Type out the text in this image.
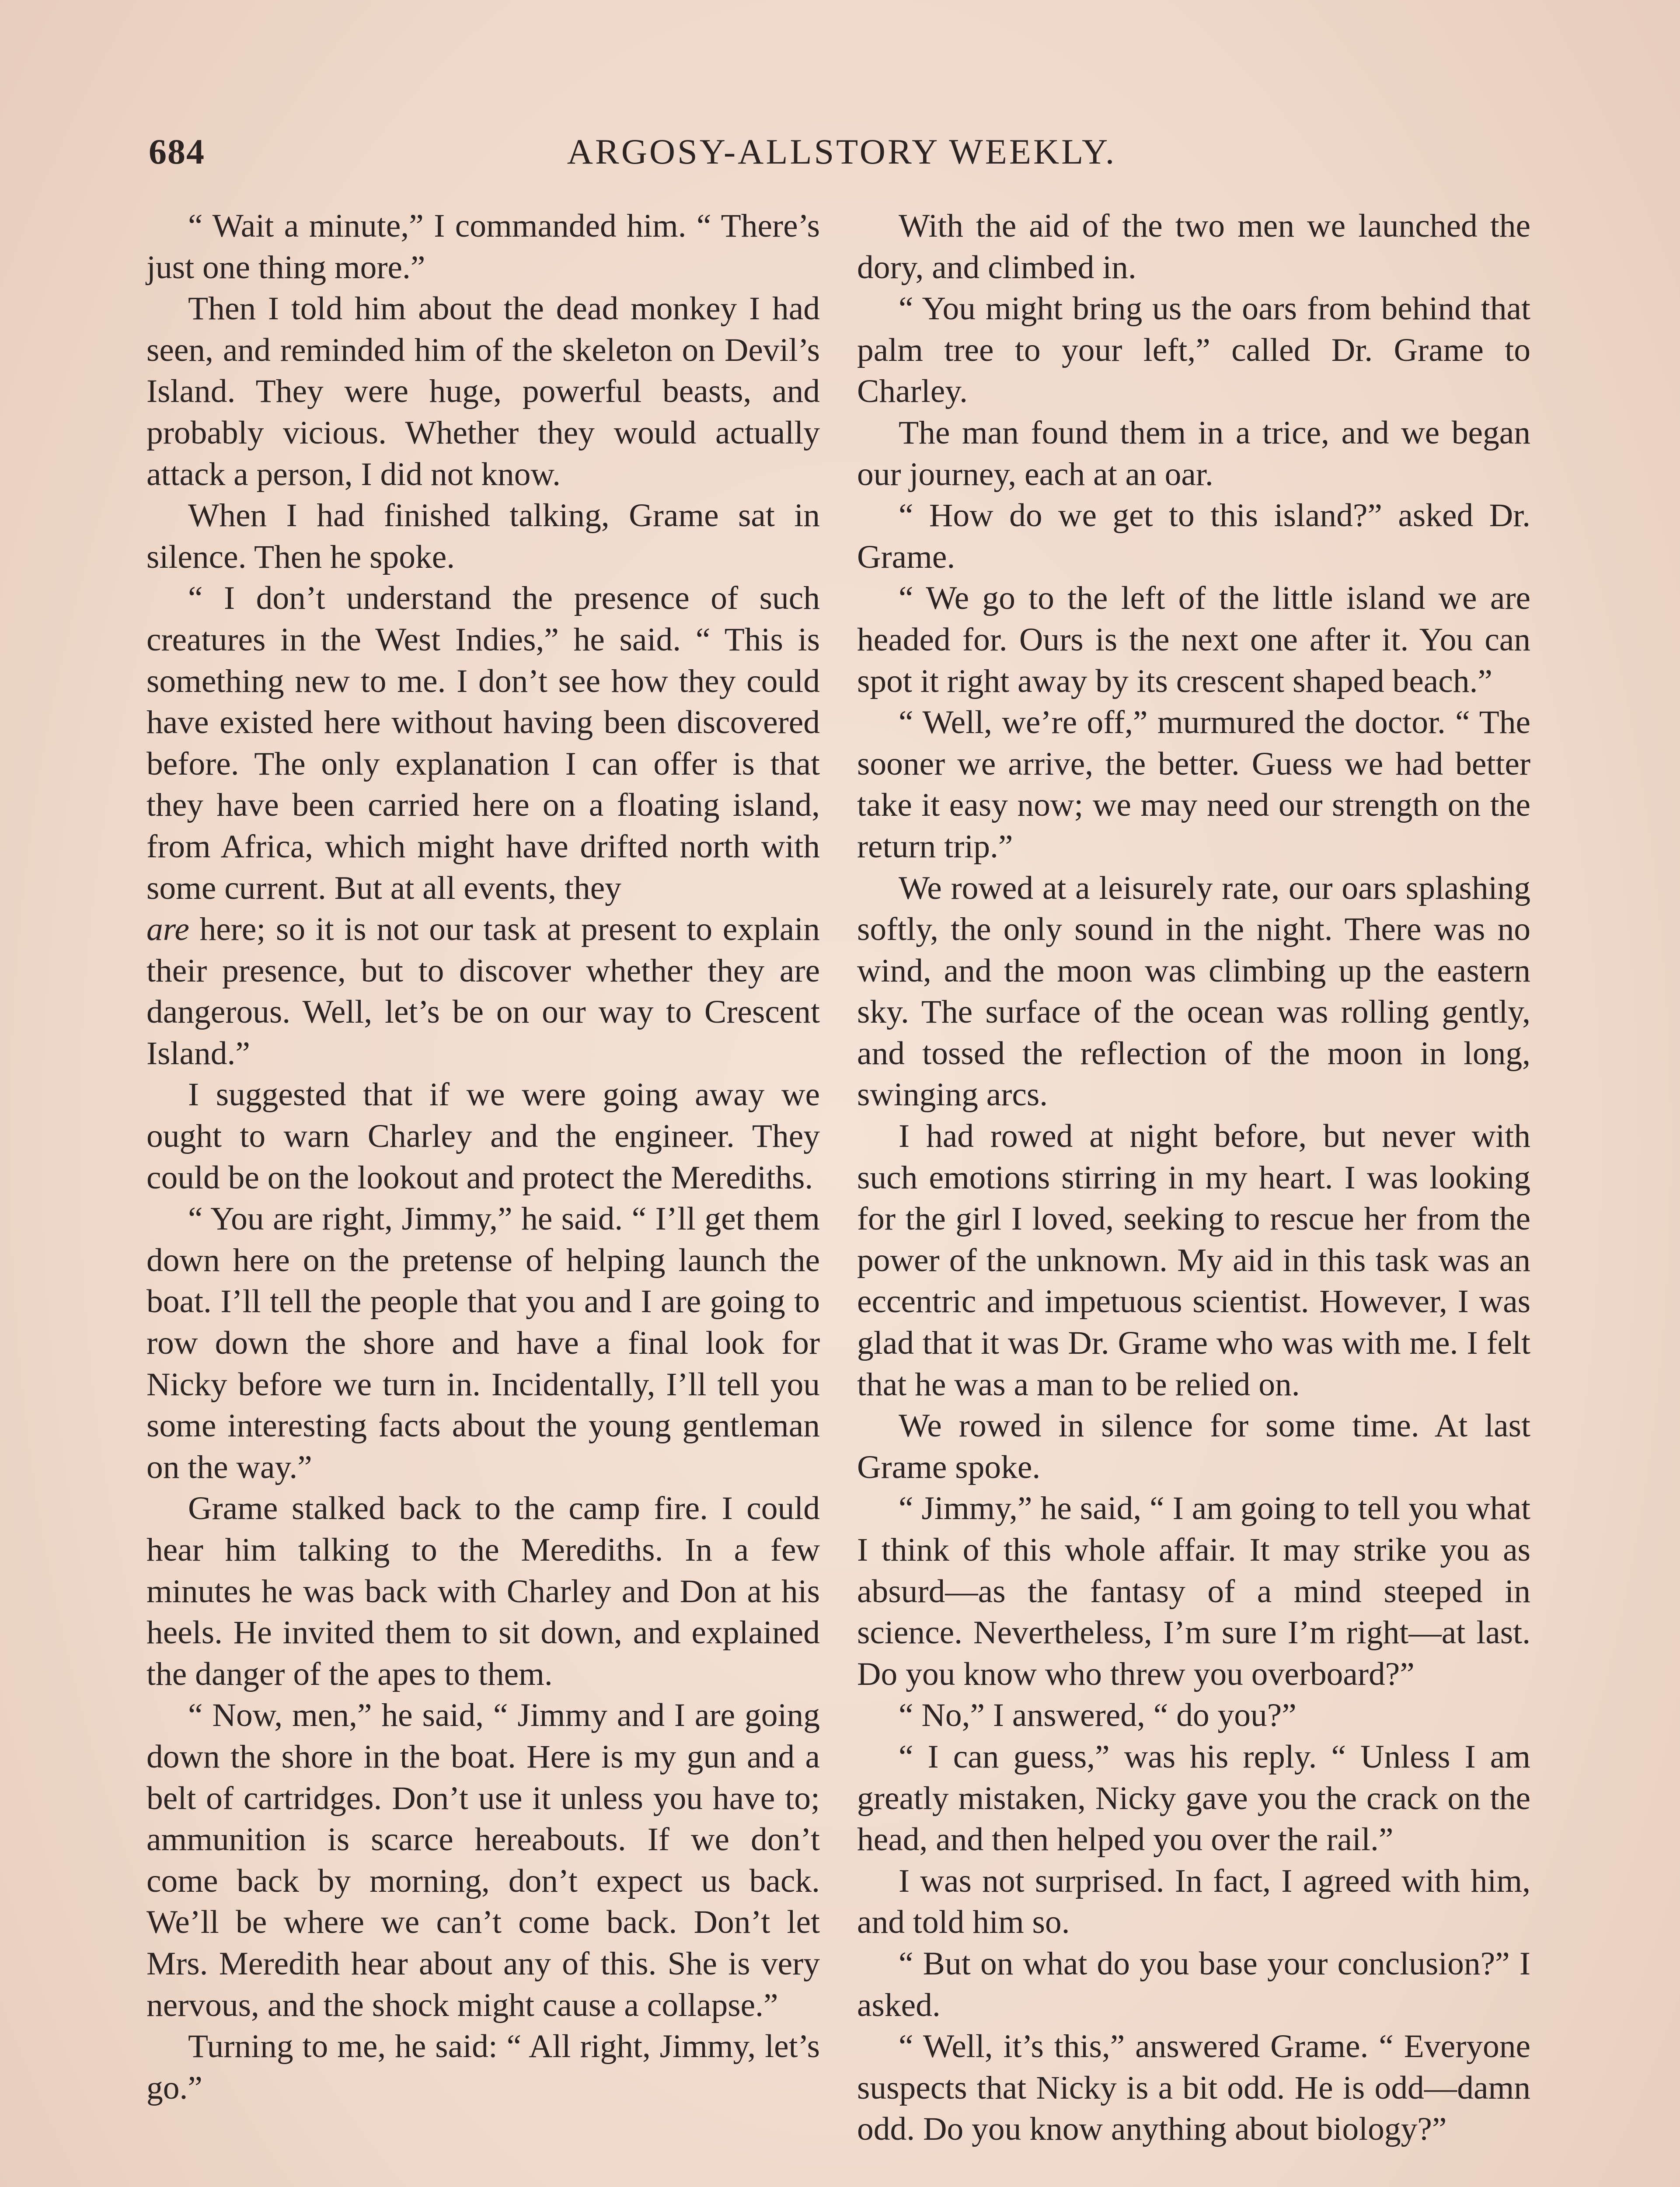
684	ARGOSY-ALLSTORY WEEKLY.

“ Wait a minute,” I commanded him. “ There’s just one thing more.”

Then I told him about the dead monkey I had seen, and reminded him of the skeleton on Devil’s Island. They were huge, powerful beasts, and probably vicious. Whether they would actually attack a person, I did not know.

When I had finished talking, Grame sat in silence. Then he spoke.

“ I don’t understand the presence of such creatures in the West Indies,” he said. “ This is something new to me. I don’t see how they could have existed here without having been discovered before. The only explanation I can offer is that they have been carried here on a floating island, from Africa, which might have drifted north with some current. But at all events, they

are here; so it is not our task at present to explain their presence, but to discover whether they are dangerous. Well, let’s be on our way to Crescent Island.”

I suggested that if we were going away we ought to warn Charley and the engineer. They could be on the lookout and protect the Merediths.

“ You are right, Jimmy,” he said. “ I’ll get them down here on the pretense of helping launch the boat. I’ll tell the people that you and I are going to row down the shore and have a final look for Nicky before we turn in. Incidentally, I’ll tell you some interesting facts about the young gentleman on the way.”

Grame stalked back to the camp fire. I could hear him talking to the Merediths. In a few minutes he was back with Charley and Don at his heels. He invited them to sit down, and explained the danger of the apes to them.

“ Now, men,” he said, “ Jimmy and I are going down the shore in the boat. Here is my gun and a belt of cartridges. Don’t use it unless you have to; ammunition is scarce hereabouts. If we don’t come back by morning, don’t expect us back. We’ll be where we can’t come back. Don’t let Mrs. Meredith hear about any of this. She is very nervous, and the shock might cause a collapse.”

Turning to me, he said: “ All right, Jimmy, let’s go.”

With the aid of the two men we launched the dory, and climbed in.

“ You might bring us the oars from behind that palm tree to your left,” called Dr. Grame to Charley.

The man found them in a trice, and we began our journey, each at an oar.

“ How do we get to this island?” asked Dr. Grame.

“ We go to the left of the little island we are headed for. Ours is the next one after it. You can spot it right away by its crescent shaped beach.”

“ Well, we’re off,” murmured the doctor. “ The sooner we arrive, the better. Guess we had better take it easy now; we may need our strength on the return trip.”

We rowed at a leisurely rate, our oars splashing softly, the only sound in the night. There was no wind, and the moon was climbing up the eastern sky. The surface of the ocean was rolling gently, and tossed the reflection of the moon in long, swinging arcs.

I had rowed at night before, but never with such emotions stirring in my heart. I was looking for the girl I loved, seeking to rescue her from the power of the unknown. My aid in this task was an eccentric and impetuous scientist. However, I was glad that it was Dr. Grame who was with me. I felt that he was a man to be relied on.

We rowed in silence for some time. At last Grame spoke.

“ Jimmy,” he said, “ I am going to tell you what I think of this whole affair. It may strike you as absurd—as the fantasy of a mind steeped in science. Nevertheless, I’m sure I’m right—at last. Do you know who threw you overboard?”

“ No,” I answered, “ do you?”

“ I can guess,” was his reply. “ Unless I am greatly mistaken, Nicky gave you the crack on the head, and then helped you over the rail.”

I was not surprised. In fact, I agreed with him, and told him so.

“ But on what do you base your conclusion?” I asked.

“ Well, it’s this,” answered Grame. “ Everyone suspects that Nicky is a bit odd. He is odd—damn odd. Do you know anything about biology?”
